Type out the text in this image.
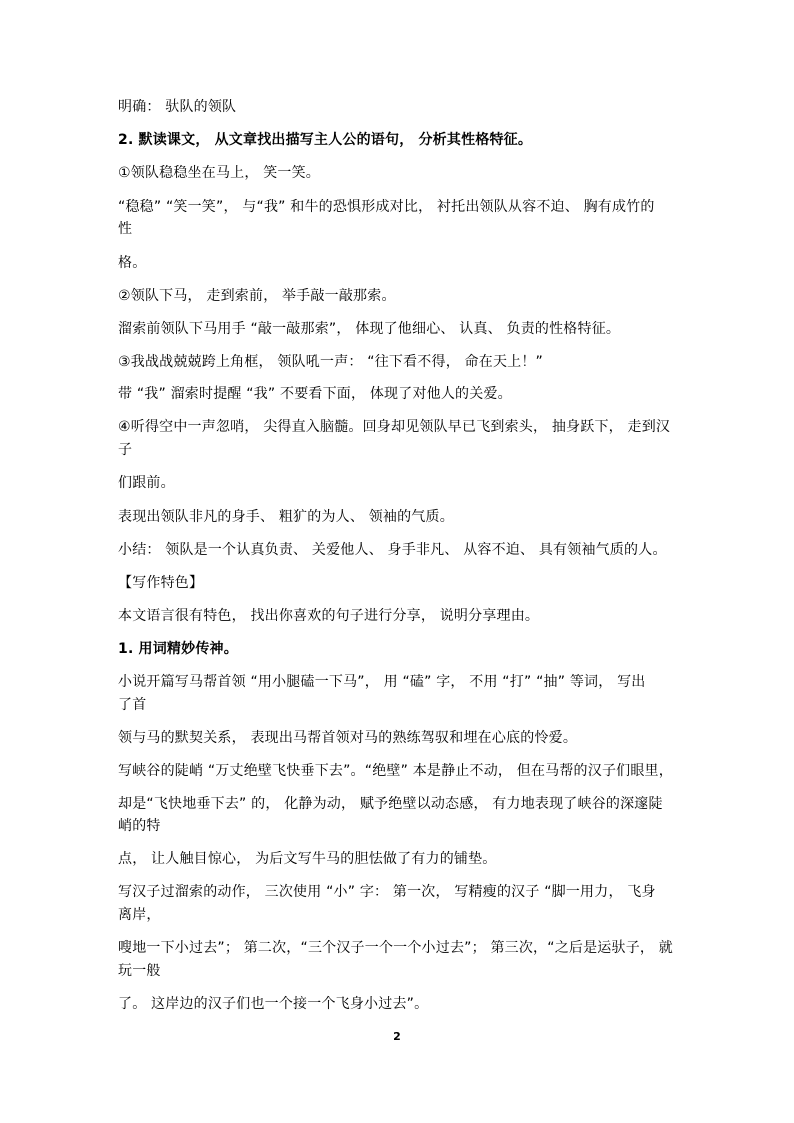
明确： 驮队的领队
2. 默读课文， 从文章找出描写主人公的语句， 分析其性格特征。
①领队稳稳坐在马上， 笑一笑。
“稳稳” “笑一笑”， 与“我” 和牛的恐惧形成对比， 衬托出领队从容不迫、 胸有成竹的
性
格。
②领队下马， 走到索前， 举手敲一敲那索。
溜索前领队下马用手 “敲一敲那索”， 体现了他细心、 认真、 负责的性格特征。
③我战战兢兢跨上角框， 领队吼一声： “往下看不得， 命在天上！”
带 “我” 溜索时提醒 “我” 不要看下面， 体现了对他人的关爱。
④听得空中一声忽哨， 尖得直入脑髓。回身却见领队早已飞到索头， 抽身跃下， 走到汉
子
们跟前。
表现出领队非凡的身手、 粗犷的为人、 领袖的气质。
小结： 领队是一个认真负责、 关爱他人、 身手非凡、 从容不迫、 具有领袖气质的人。
【写作特色】
本文语言很有特色， 找出你喜欢的句子进行分享， 说明分享理由。
1. 用词精妙传神。
小说开篇写马帮首领 “用小腿磕一下马”， 用 “磕” 字， 不用 “打” “抽” 等词， 写出
了首
领与马的默契关系， 表现出马帮首领对马的熟练驾驭和埋在心底的怜爱。
写峡谷的陡峭 “万丈绝壁飞快垂下去”。“绝壁” 本是静止不动， 但在马帮的汉子们眼里，
却是“飞快地垂下去” 的， 化静为动， 赋予绝壁以动态感， 有力地表现了峡谷的深邃陡
峭的特
点， 让人触目惊心， 为后文写牛马的胆怯做了有力的铺垫。
写汉子过溜索的动作， 三次使用 “小” 字： 第一次， 写精瘦的汉子 “脚一用力， 飞身
离岸，
嗖地一下小过去”； 第二次，“三个汉子一个一个小过去”； 第三次，“之后是运驮子， 就
玩一般
了。 这岸边的汉子们也一个接一个飞身小过去”。
2
